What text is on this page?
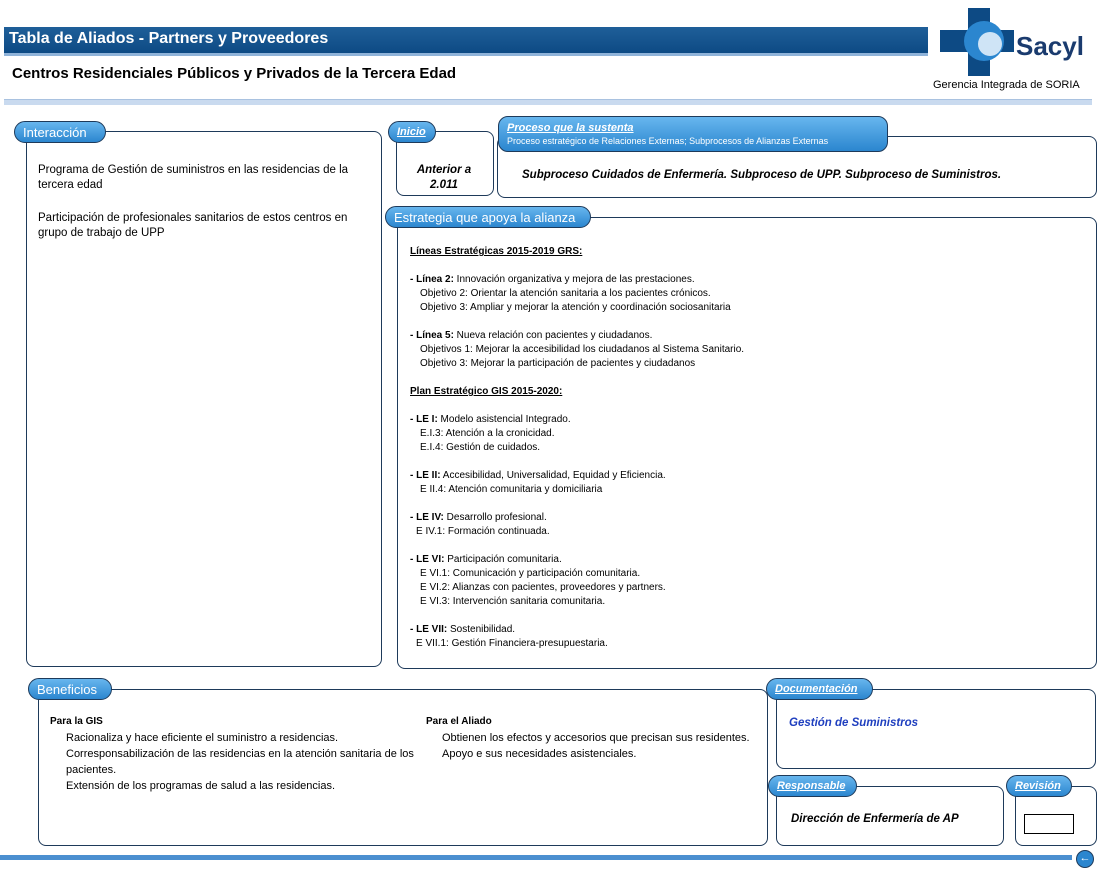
Tabla de Aliados - Partners y Proveedores
Centros Residenciales Públicos y Privados de la Tercera Edad
Sacyl
Gerencia Integrada de SORIA
Interacción
Programa de Gestión de suministros en las residencias de la tercera edad
Participación de profesionales sanitarios de estos centros en grupo de trabajo de UPP
Inicio
Anterior a
2.011
Proceso que la sustenta
Proceso estratégico de Relaciones Externas; Subprocesos de Alianzas Externas
Subproceso Cuidados de Enfermería. Subproceso de UPP. Subproceso de Suministros.
Estrategia que apoya la alianza
Líneas Estratégicas 2015-2019 GRS:
- Línea 2: Innovación organizativa y mejora de las prestaciones.
Objetivo 2: Orientar la atención sanitaria a los pacientes crónicos.
Objetivo 3: Ampliar y mejorar la atención y coordinación sociosanitaria
- Línea 5: Nueva relación con pacientes y ciudadanos.
Objetivos 1: Mejorar la accesibilidad los ciudadanos al Sistema Sanitario.
Objetivo 3: Mejorar la participación de pacientes y ciudadanos
Plan Estratégico GIS 2015-2020:
- LE I: Modelo asistencial Integrado.
E.I.3: Atención a la cronicidad.
E.I.4: Gestión de cuidados.
- LE II: Accesibilidad, Universalidad, Equidad y Eficiencia.
E II.4: Atención comunitaria y domiciliaria
- LE IV: Desarrollo profesional.
E IV.1: Formación continuada.
- LE VI: Participación comunitaria.
E VI.1: Comunicación y participación comunitaria.
E VI.2: Alianzas con pacientes, proveedores y partners.
E VI.3: Intervención sanitaria comunitaria.
- LE VII: Sostenibilidad.
E VII.1: Gestión Financiera-presupuestaria.
Beneficios
Para la GIS
Racionaliza y hace eficiente el suministro a residencias.
Corresponsabilización de las residencias en la atención sanitaria de los pacientes.
Extensión de los programas de salud a las residencias.
Para el Aliado
Obtienen los efectos y accesorios que precisan sus residentes.
Apoyo e sus necesidades asistenciales.
Documentación
Gestión de Suministros
Responsable
Dirección de Enfermería de AP
Revisión
←
